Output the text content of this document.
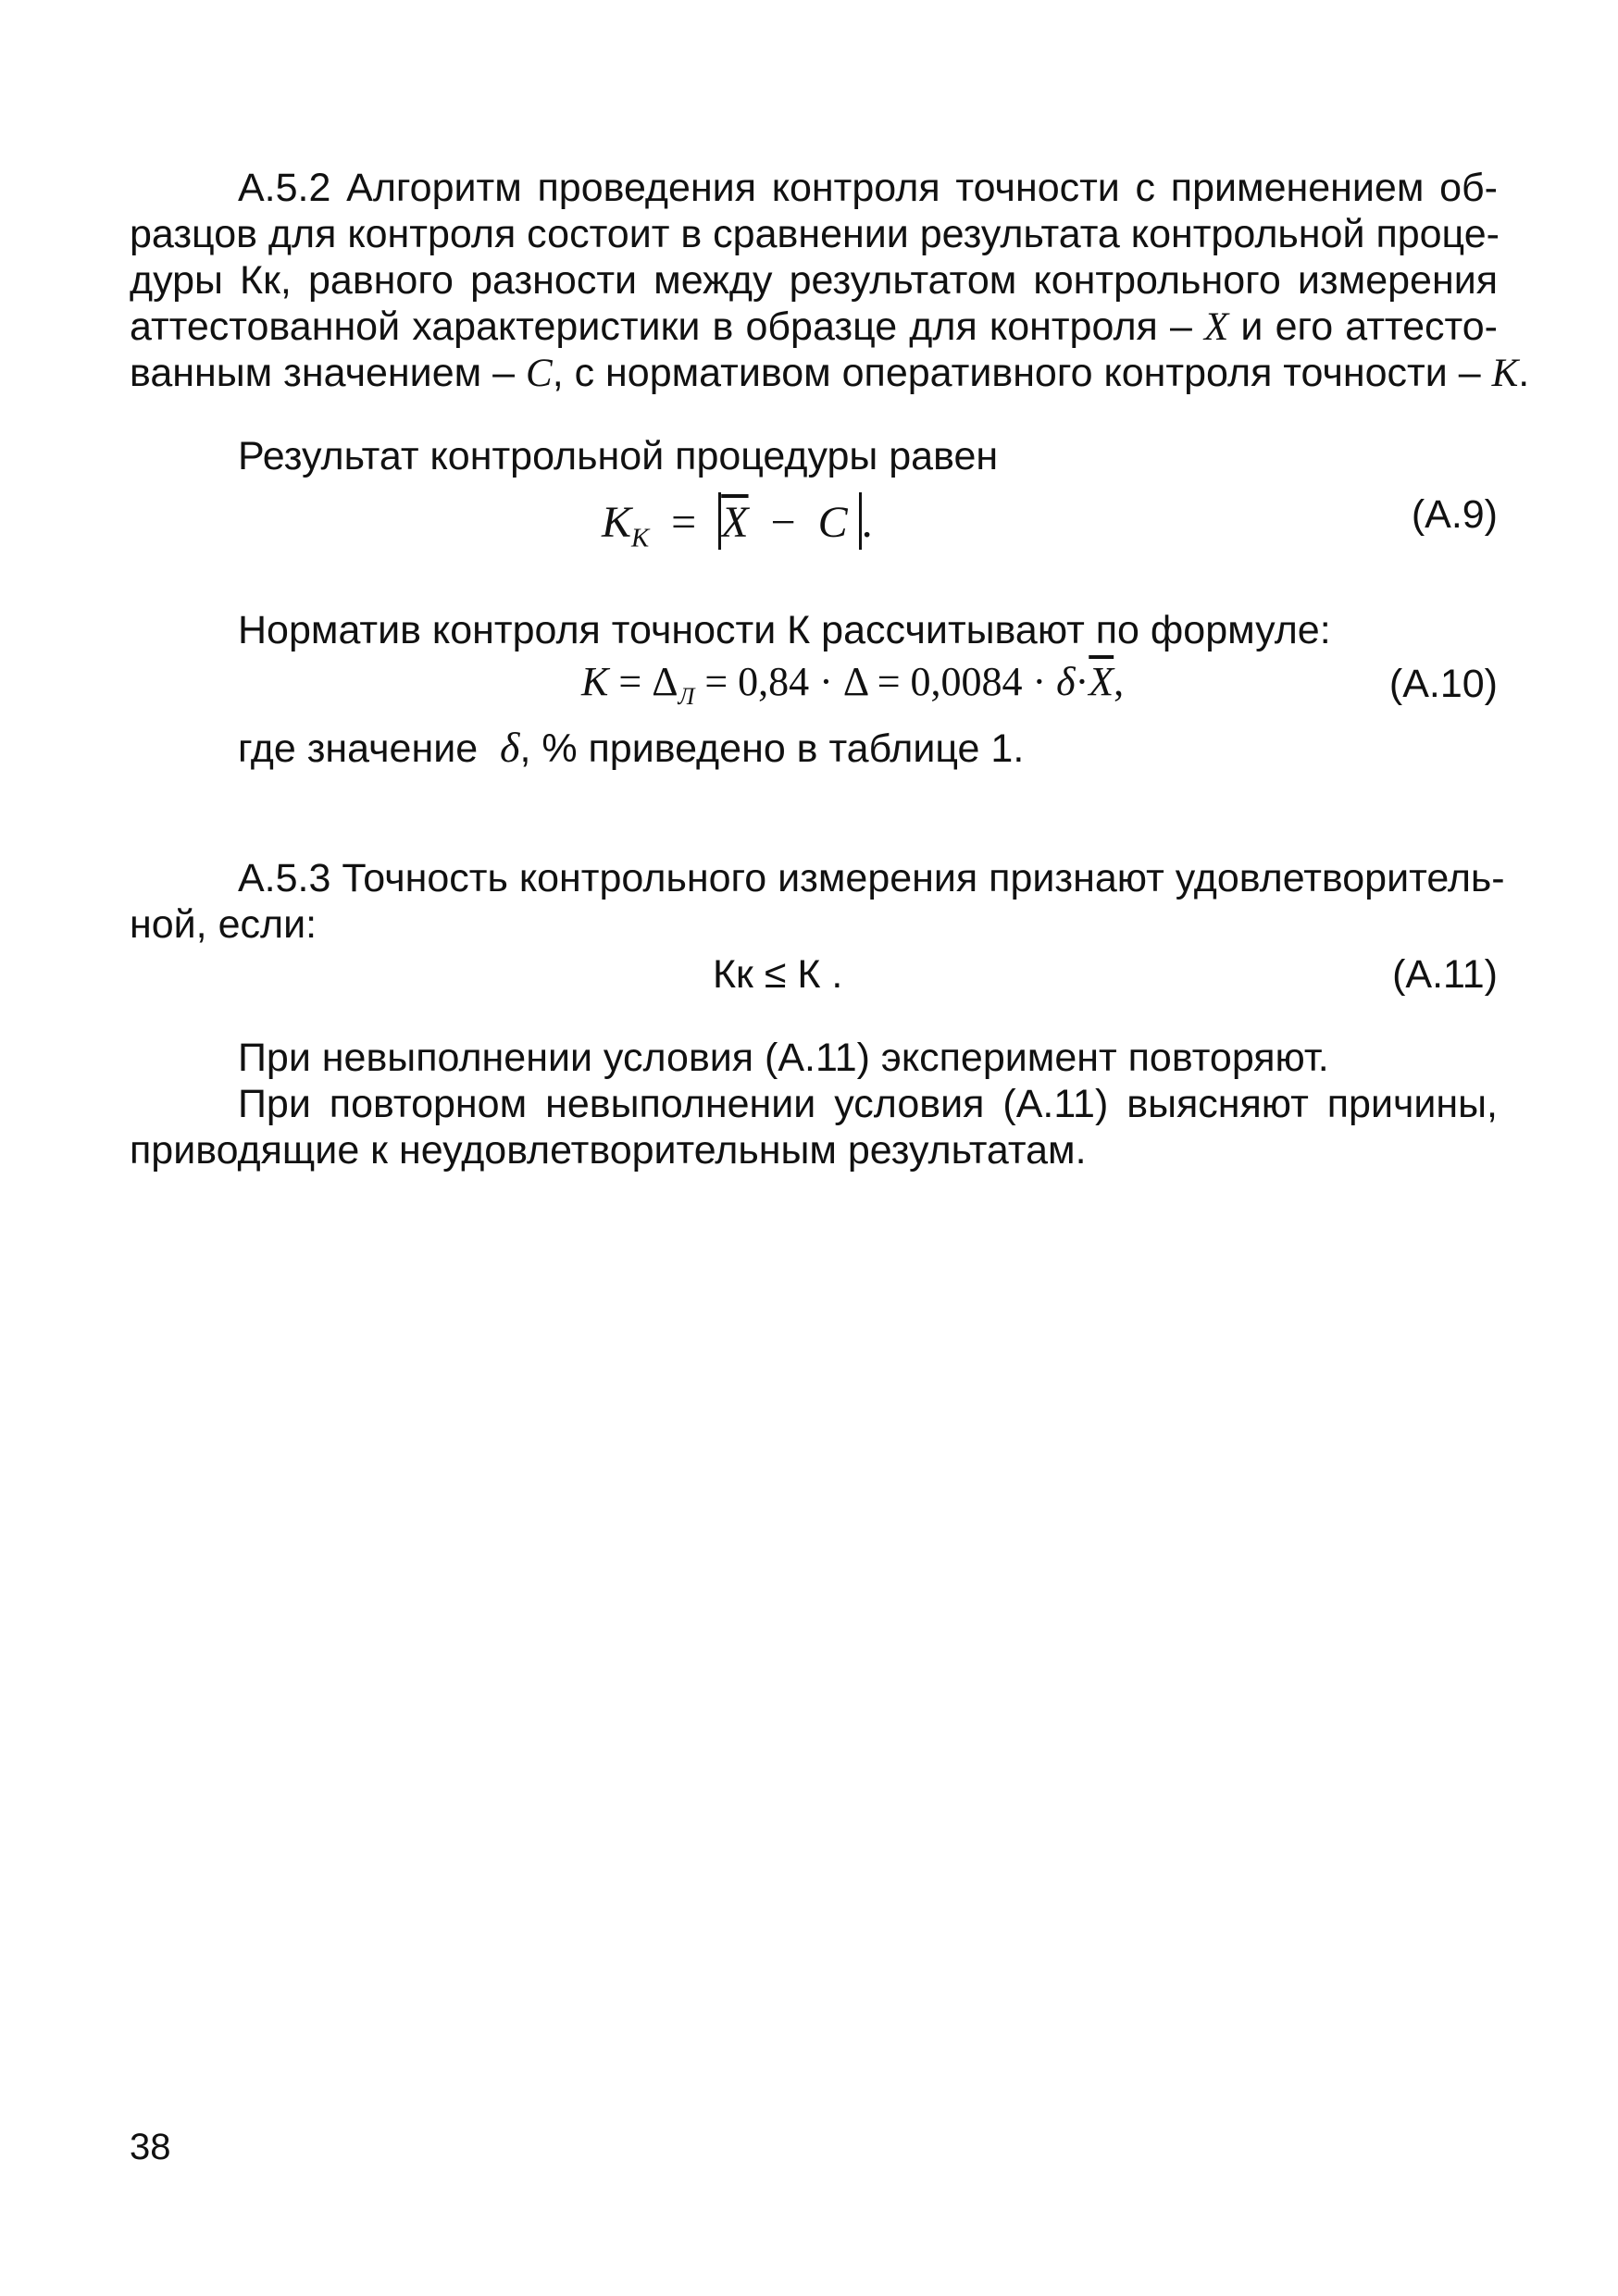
А.5.2 Алгоритм проведения контроля точности с применением об-
разцов для контроля состоит в сравнении результата контрольной проце-
дуры Кк, равного разности между результатом контрольного измерения
аттестованной характеристики в образце для контроля – X и его аттесто-
ванным значением – C, с нормативом оперативного контроля точности – K.
Результат контрольной процедуры равен
$K_К = \overline{X} - C$ .	(А.9)
Норматив контроля точности К рассчитывают по формуле:
$K = \Delta_Л = 0,84 \cdot \Delta = 0,0084 \cdot \delta\cdot\overline{X}$,	(А.10)
где значение δ, % приведено в таблице 1.
А.5.3 Точность контрольного измерения признают удовлетворитель-
ной, если:
Кк ≤ К .	(А.11)
При невыполнении условия (А.11) эксперимент повторяют.
При повторном невыполнении условия (А.11) выясняют причины,
приводящие к неудовлетворительным результатам.
38
